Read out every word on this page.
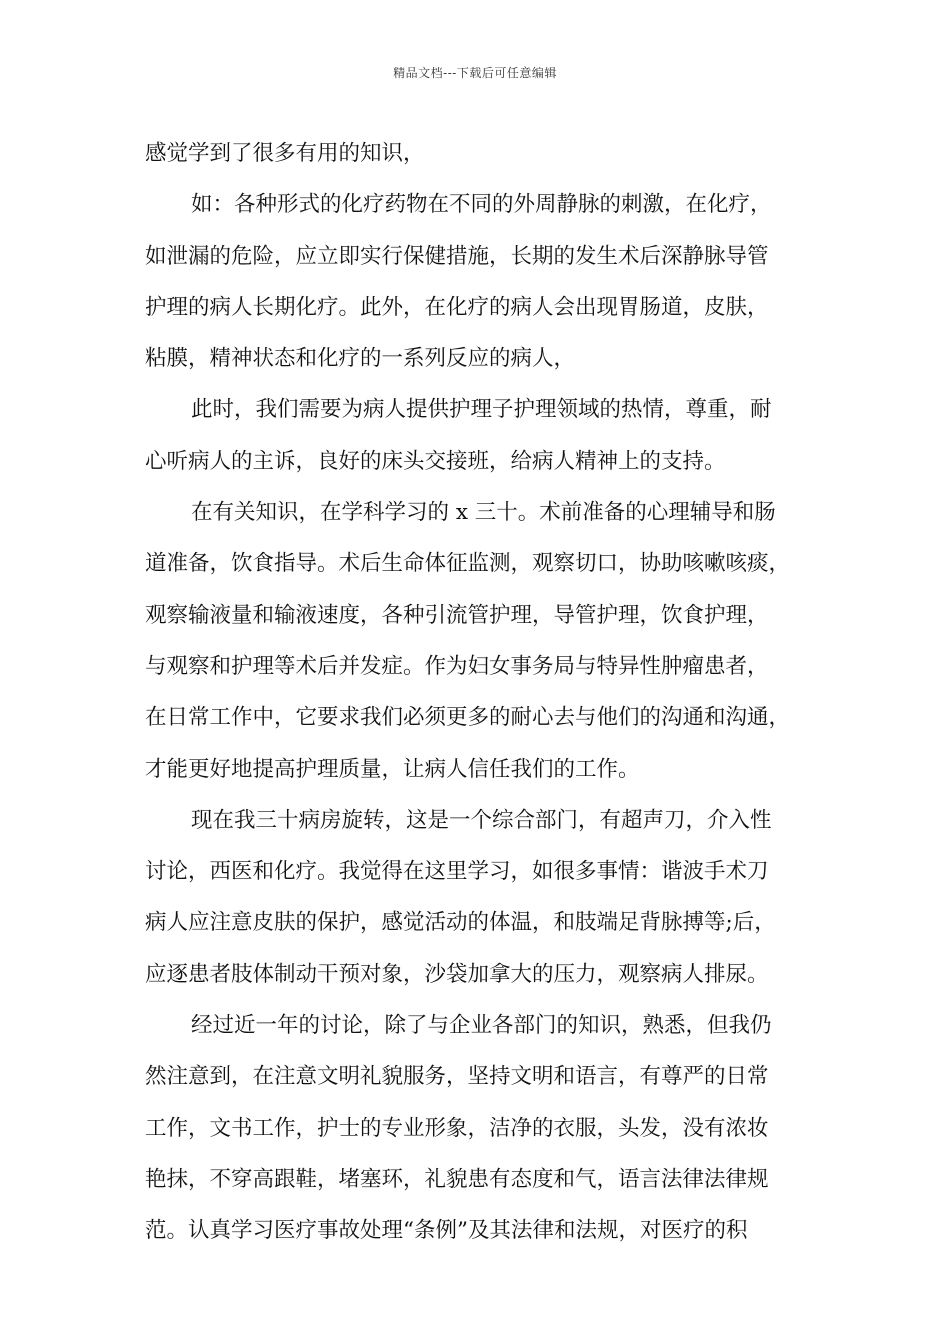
精品文档---下载后可任意编辑
感觉学到了很多有用的知识，
如：各种形式的化疗药物在不同的外周静脉的刺激，在化疗，
如泄漏的危险，应立即实行保健措施，长期的发生术后深静脉导管
护理的病人长期化疗。此外，在化疗的病人会出现胃肠道，皮肤，
粘膜，精神状态和化疗的一系列反应的病人，
此时，我们需要为病人提供护理子护理领域的热情，尊重，耐
心听病人的主诉，良好的床头交接班，给病人精神上的支持。
在有关知识，在学科学习的 x 三十。术前准备的心理辅导和肠
道准备，饮食指导。术后生命体征监测，观察切口，协助咳嗽咳痰，
观察输液量和输液速度，各种引流管护理，导管护理，饮食护理，
与观察和护理等术后并发症。作为妇女事务局与特异性肿瘤患者，
在日常工作中，它要求我们必须更多的耐心去与他们的沟通和沟通，
才能更好地提高护理质量，让病人信任我们的工作。
现在我三十病房旋转，这是一个综合部门，有超声刀，介入性
讨论，西医和化疗。我觉得在这里学习，如很多事情：谐波手术刀
病人应注意皮肤的保护，感觉活动的体温，和肢端足背脉搏等;后，
应逐患者肢体制动干预对象，沙袋加拿大的压力，观察病人排尿。
经过近一年的讨论，除了与企业各部门的知识，熟悉，但我仍
然注意到，在注意文明礼貌服务，坚持文明和语言，有尊严的日常
工作，文书工作，护士的专业形象，洁净的衣服，头发，没有浓妆
艳抹，不穿高跟鞋，堵塞环，礼貌患有态度和气，语言法律法律规
范。认真学习医疗事故处理“条例”及其法律和法规，对医疗的积
